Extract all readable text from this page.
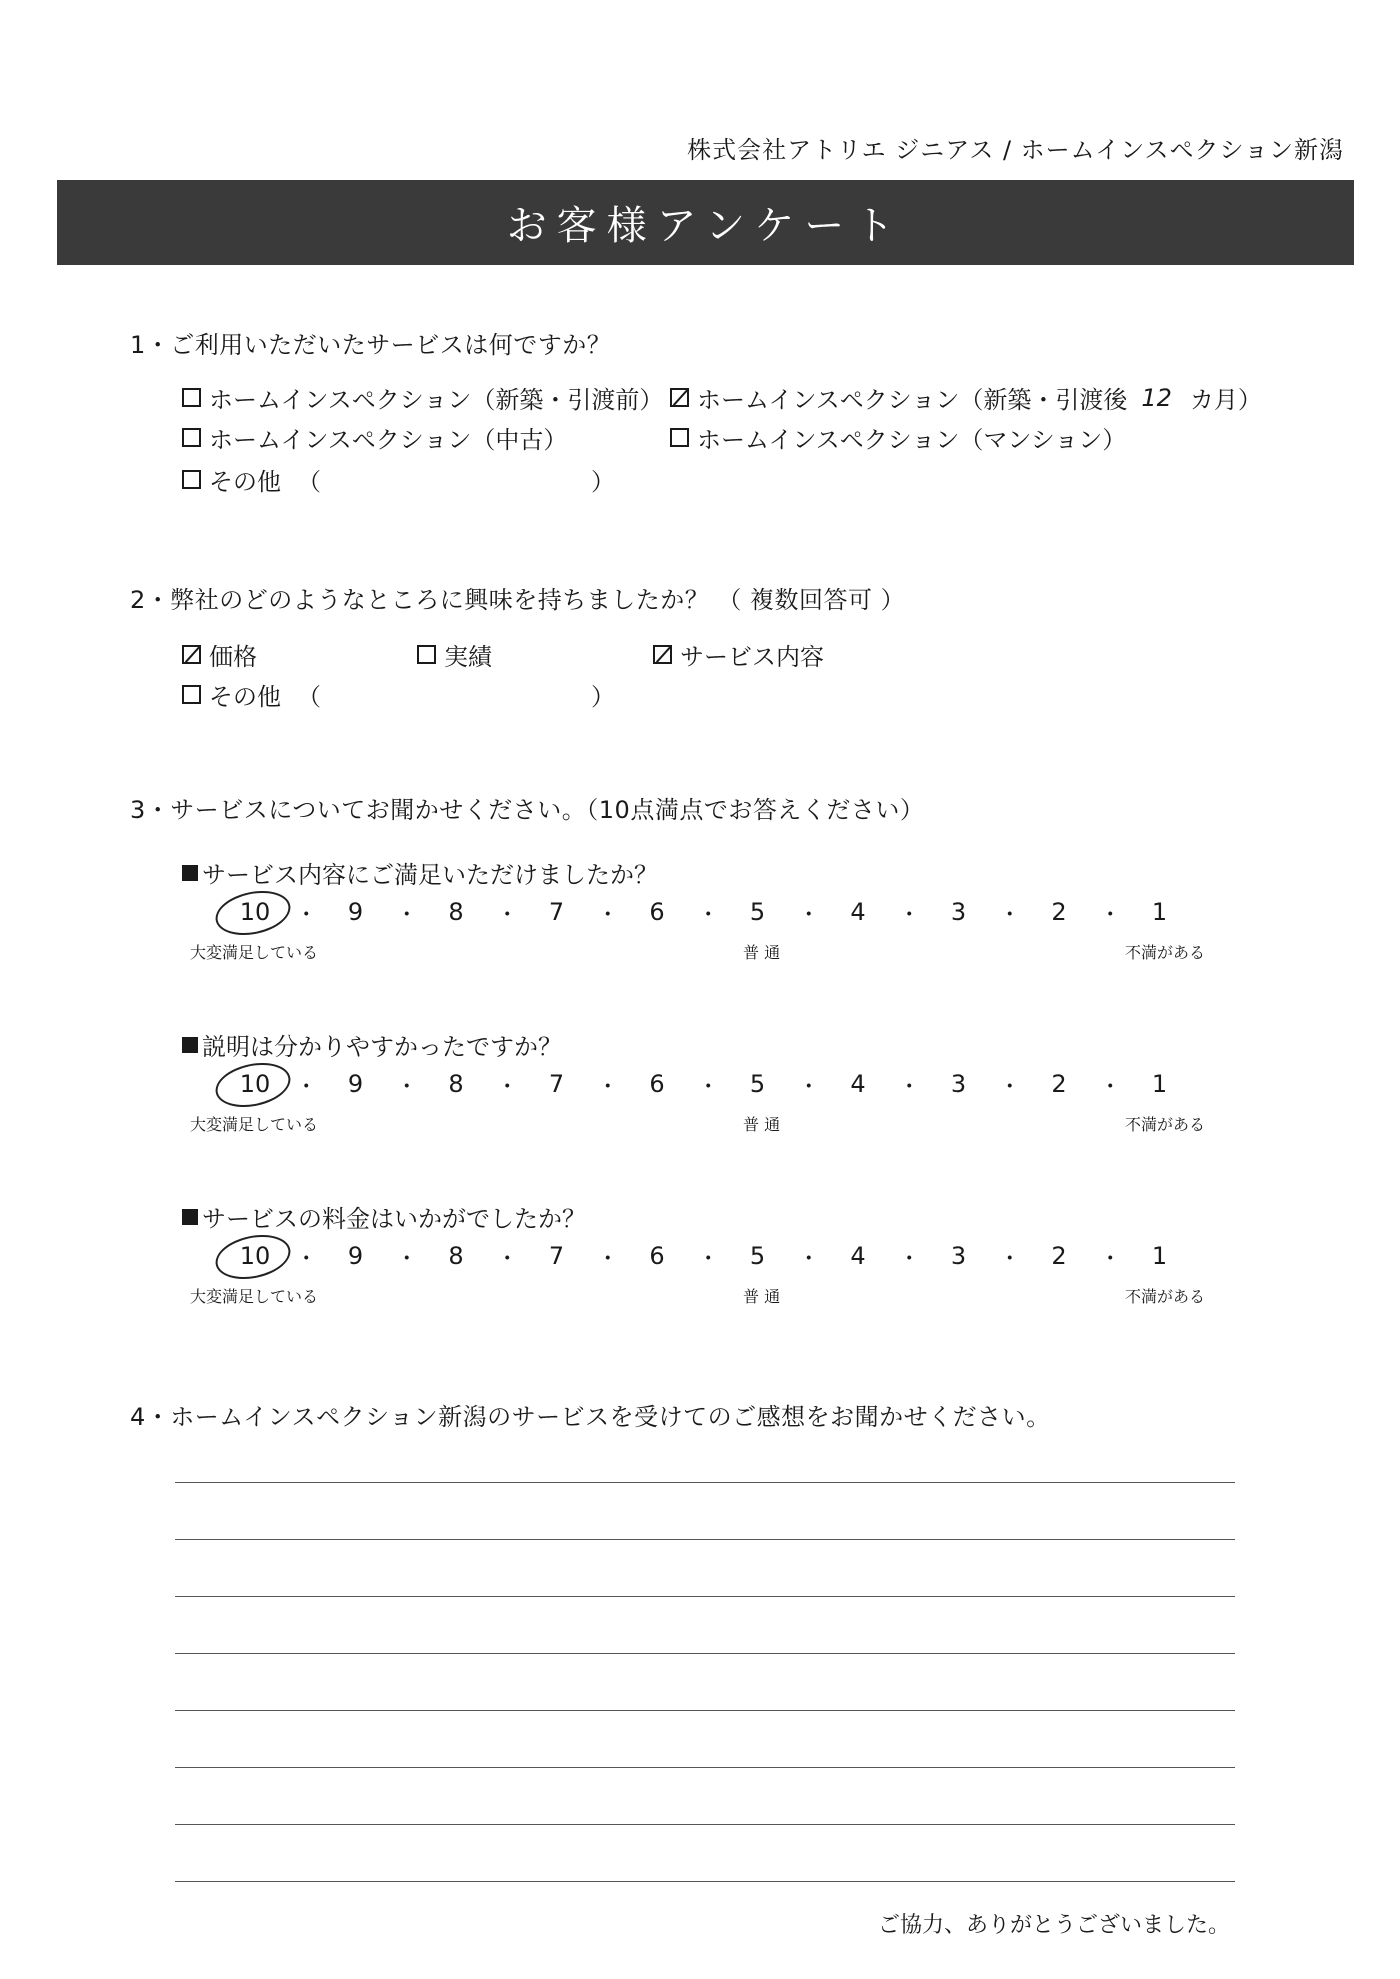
株式会社アトリエ ジニアス / ホームインスペクション新潟
お客様アンケート
1・ご利用いただいたサービスは何ですか？
ホームインスペクション（新築・引渡前） ホームインスペクション（新築・引渡後 12 カ月）
ホームインスペクション（中古）	ホームインスペクション（マンション）
その他 （	）
2・弊社のどのようなところに興味を持ちましたか？ （ 複数回答可 ）
価格	実績	サービス内容
その他 （	）
3・サービスについてお聞かせください。（10点満点でお答えください）
サービス内容にご満足いただけましたか？
10 ・	9	・	8	・	7	・	6	・	5	・	4	・	3	・	2	・	1
大変満足している	普 通	不満がある
説明は分かりやすかったですか？
10 ・	9	・	8	・	7	・	6	・	5	・	4	・	3	・	2	・	1
大変満足している	普 通	不満がある
サービスの料金はいかがでしたか？
10 ・	9	・	8	・	7	・	6	・	5	・	4	・	3	・	2	・	1
大変満足している	普 通	不満がある
4・ホームインスペクション新潟のサービスを受けてのご感想をお聞かせください。
ご協力、ありがとうございました。
